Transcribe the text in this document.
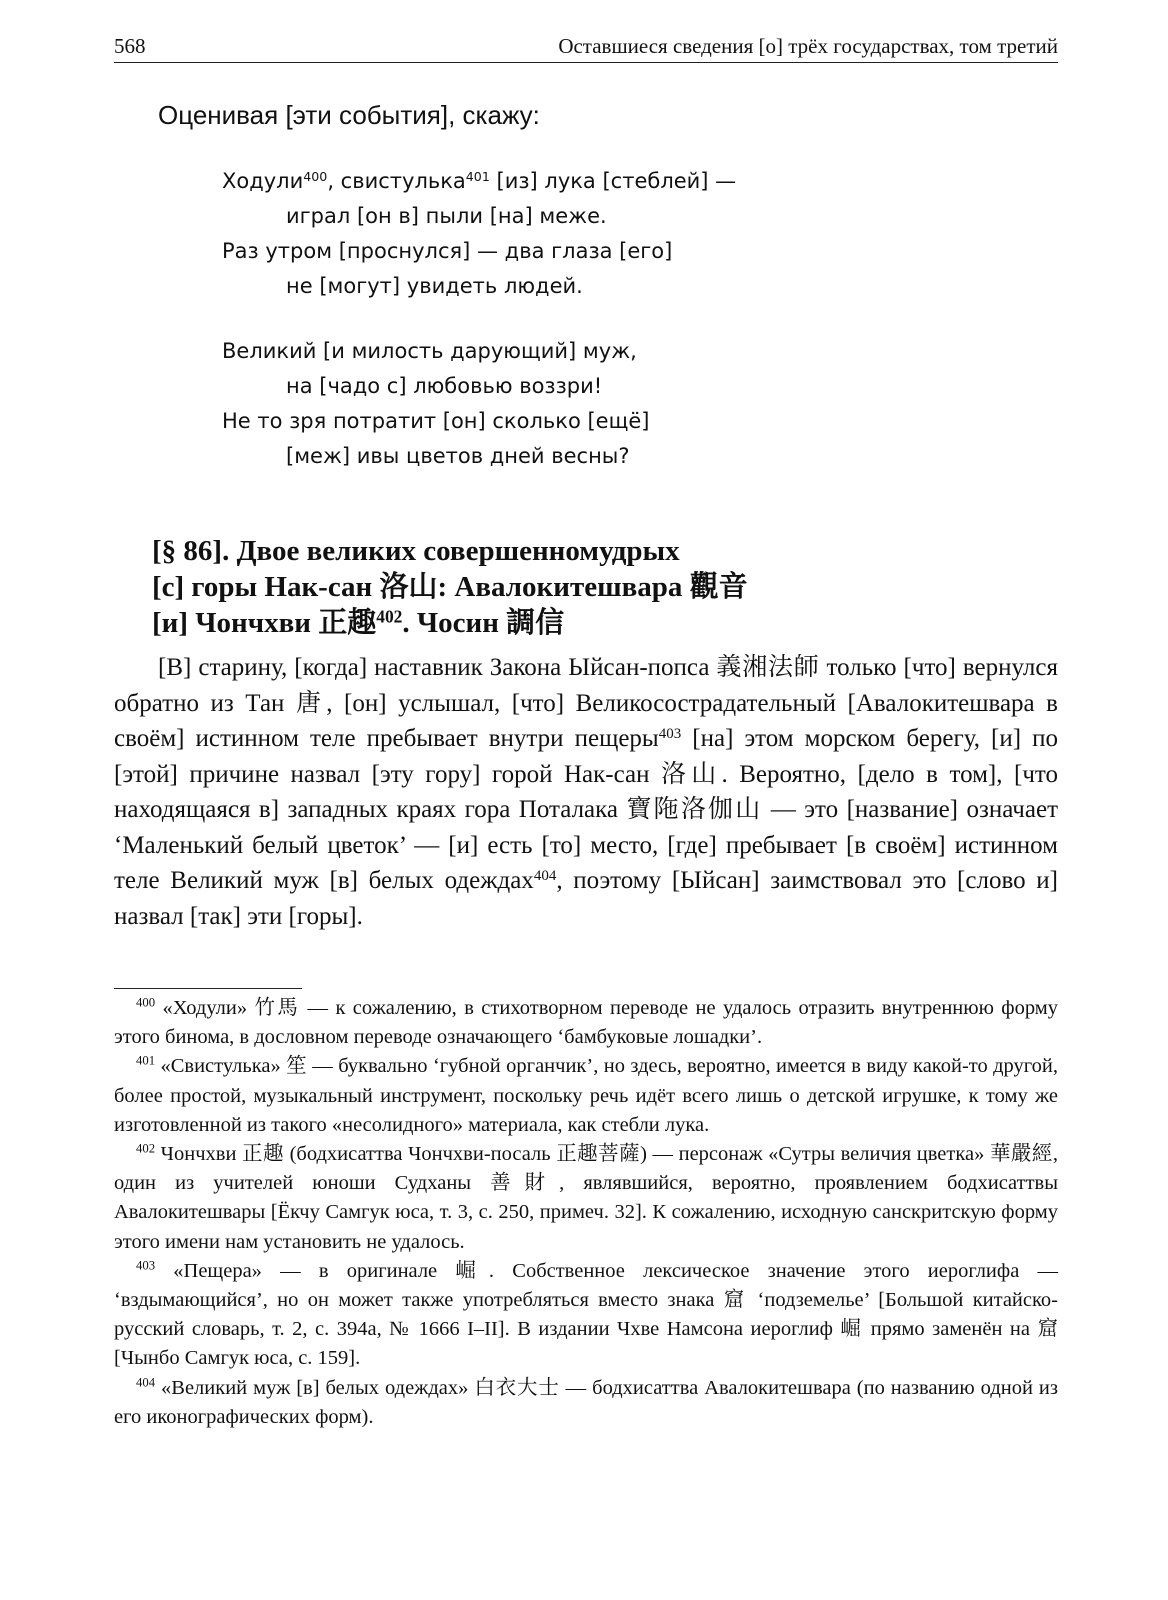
568	Оставшиеся сведения [о] трёх государствах, том третий
Оценивая [эти события], скажу:
Ходули$^{400}$, свистулька$^{401}$ [из] лука [стеблей] —
играл [он в] пыли [на] меже.
Раз утром [проснулся] — два глаза [его]
не [могут] увидеть людей.
Великий [и милость дарующий] муж,
на [чадо с] любовью воззри!
Не то зря потратит [он] сколько [ещё]
[меж] ивы цветов дней весны?
[§ 86]. Двое великих совершенномудрых
[с] горы Нак-сан 洛山: Авалокитешвара 觀音
[и] Чончхви 正趣$^{402}$. Чосин 調信

[В] старину, [когда] наставник Закона Ыйсан-попса 義湘法師 только [что] вернулся обратно из Тан 唐, [он] услышал, [что] Великосострадательный [Авалокитешвара в своём] истинном теле пребывает внутри пещеры$^{403}$ [на] этом морском берегу, [и] по [этой] причине назвал [эту гору] горой Нак-сан 洛山. Вероятно, [дело в том], [что находящаяся в] западных краях гора Поталака 寶陁洛伽山 — это [название] означает ‘Маленький белый цветок’ — [и] есть [то] место, [где] пребывает [в своём] истинном теле Великий муж [в] белых одеждах$^{404}$, поэтому [Ыйсан] заимствовал это [слово и] назвал [так] эти [горы].

$^{400}$ «Ходули» 竹馬 — к сожалению, в стихотворном переводе не удалось отразить внутреннюю форму этого бинома, в дословном переводе означающего ‘бамбуковые лошадки’.

$^{401}$ «Свистулька» 笙 — буквально ‘губной органчик’, но здесь, вероятно, имеется в виду какой-то другой, более простой, музыкальный инструмент, поскольку речь идёт всего лишь о детской игрушке, к тому же изготовленной из такого «несолидного» материала, как стебли лука.

$^{402}$ Чончхви 正趣 (бодхисаттва Чончхви-посаль 正趣菩薩) — персонаж «Сутры величия цветка» 華嚴經, один из учителей юноши Судханы 善財, являвшийся, вероятно, проявлением бодхисаттвы Авалокитешвары [Ёкчу Самгук юса, т. 3, с. 250, примеч. 32]. К сожалению, исходную санскритскую форму этого имени нам установить не удалось.

$^{403}$ «Пещера» — в оригинале 崛. Собственное лексическое значение этого иероглифа — ‘вздымающийся’, но он может также употребляться вместо знака 窟 ‘подземелье’ [Большой китайско-русский словарь, т. 2, с. 394а, № 1666 I–II]. В издании Чхве Намсона иероглиф 崛 прямо заменён на 窟 [Чынбо Самгук юса, с. 159].

$^{404}$ «Великий муж [в] белых одеждах» 白衣大士 — бодхисаттва Авалокитешвара (по названию одной из его иконографических форм).
